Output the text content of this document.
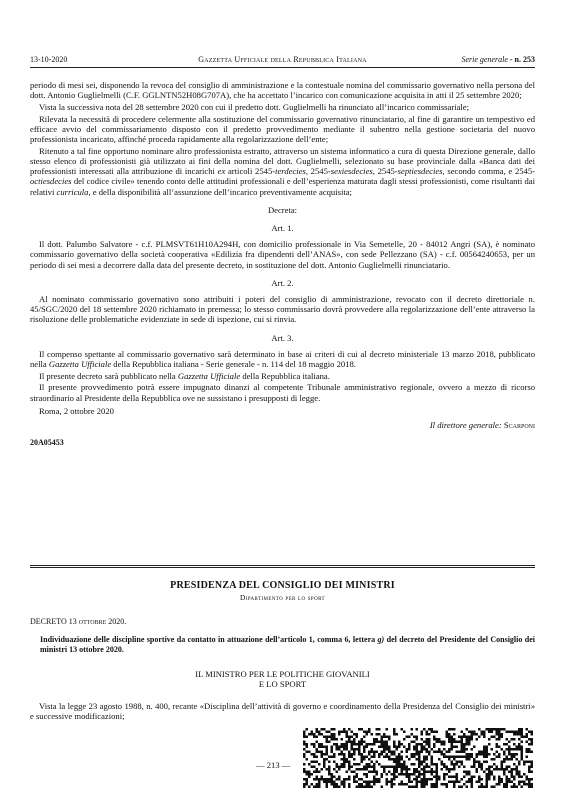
13-10-2020	Gazzetta Ufficiale della Repubblica Italiana	Serie generale - n. 253

periodo di mesi sei, disponendo la revoca del consiglio di amministrazione e la contestuale nomina del commissario governativo nella persona del dott. Antonio Guglielmelli (C.F. GGLNTN52H08G707A), che ha accettato l’incarico con comunicazione acquisita in atti il 25 settembre 2020;

Vista la successiva nota del 28 settembre 2020 con cui il predetto dott. Guglielmelli ha rinunciato all’incarico commissariale;

Rilevata la necessità di procedere celermente alla sostituzione del commissario governativo rinunciatario, al fine di garantire un tempestivo ed efficace avvio del commissariamento disposto con il predetto provvedimento mediante il subentro nella gestione societaria del nuovo professionista incaricato, affinché proceda rapidamente alla regolarizzazione dell’ente;

Ritenuto a tal fine opportuno nominare altro professionista estratto, attraverso un sistema informatico a cura di questa Direzione generale, dallo stesso elenco di professionisti già utilizzato ai fini della nomina del dott. Guglielmelli, selezionato su base provinciale dalla «Banca dati dei professionisti interessati alla attribuzione di incarichi ex articoli 2545-terdecies, 2545-sexiesdecies, 2545-septiesdecies, secondo comma, e 2545-octiesdecies del codice civile» tenendo conto delle attitudini professionali e dell’esperienza maturata dagli stessi professionisti, come risultanti dai relativi curricula, e della disponibilità all’assunzione dell’incarico preventivamente acquisita;

Decreta:

Art. 1.

Il dott. Palumbo Salvatore - c.f. PLMSVT61H10A294H, con domicilio professionale in Via Semetelle, 20 - 84012 Angri (SA), è nominato commissario governativo della società cooperativa «Edilizia fra dipendenti dell’ANAS», con sede Pellezzano (SA) - c.f. 00564240653, per un periodo di sei mesi a decorrere dalla data del presente decreto, in sostituzione del dott. Antonio Guglielmelli rinunciatario.

Art. 2.

Al nominato commissario governativo sono attribuiti i poteri del consiglio di amministrazione, revocato con il decreto direttoriale n. 45/SGC/2020 del 18 settembre 2020 richiamato in premessa; lo stesso commissario dovrà provvedere alla regolarizzazione dell’ente attraverso la risoluzione delle problematiche evidenziate in sede di ispezione, cui si rinvia.

Art. 3.

Il compenso spettante al commissario governativo sarà determinato in base ai criteri di cui al decreto ministeriale 13 marzo 2018, pubblicato nella Gazzetta Ufficiale della Repubblica italiana - Serie generale - n. 114 del 18 maggio 2018.

Il presente decreto sarà pubblicato nella Gazzetta Ufficiale della Repubblica italiana.

Il presente provvedimento potrà essere impugnato dinanzi al competente Tribunale amministrativo regionale, ovvero a mezzo di ricorso straordinario al Presidente della Repubblica ove ne sussistano i presupposti di legge.

Roma, 2 ottobre 2020

Il direttore generale: Scarponi

20A05453

PRESIDENZA DEL CONSIGLIO DEI MINISTRI
Dipartimento per lo sport
DECRETO 13 ottobre 2020.
Individuazione delle discipline sportive da contatto in attuazione dell’articolo 1, comma 6, lettera g) del decreto del Presidente del Consiglio dei ministri 13 ottobre 2020.
IL MINISTRO PER LE POLITICHE GIOVANILI
E LO SPORT
Vista la legge 23 agosto 1988, n. 400, recante «Disciplina dell’attività di governo e coordinamento della Presidenza del Consiglio dei ministri» e successive modificazioni;
— 213 —
